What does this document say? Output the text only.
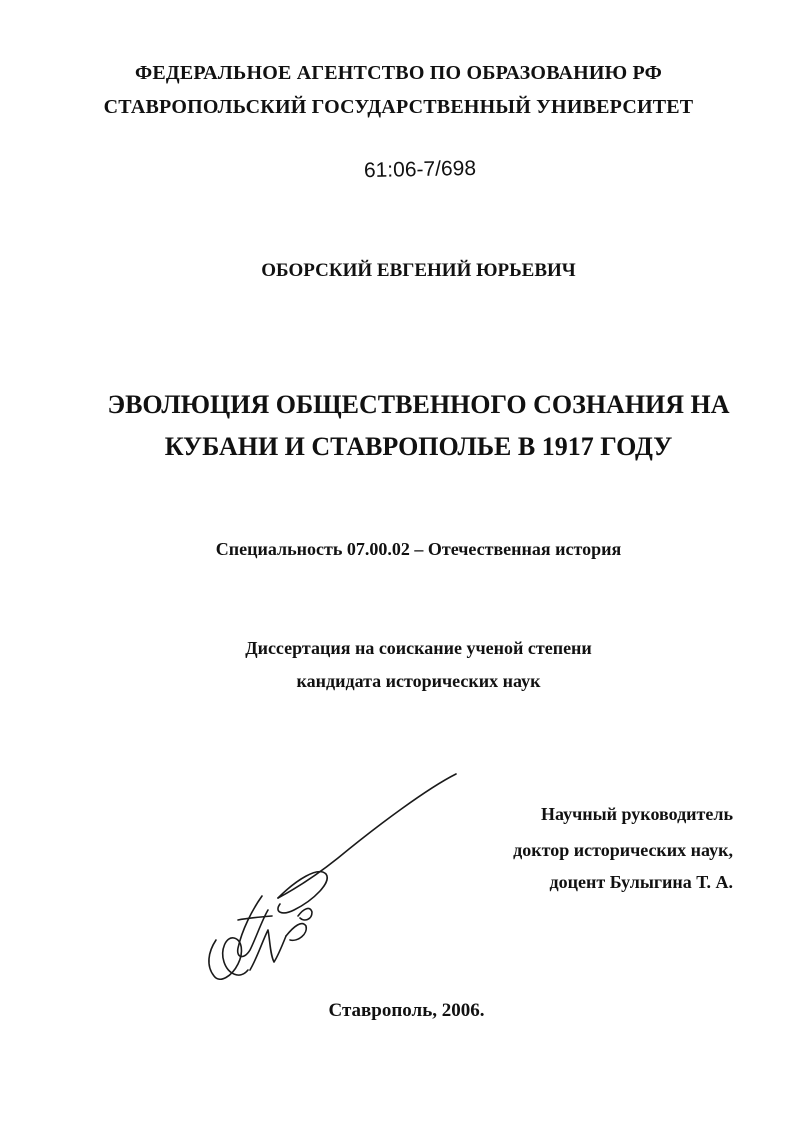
ФЕДЕРАЛЬНОЕ АГЕНТСТВО ПО ОБРАЗОВАНИЮ РФ
СТАВРОПОЛЬСКИЙ ГОСУДАРСТВЕННЫЙ УНИВЕРСИТЕТ
61:06-7/698
ОБОРСКИЙ ЕВГЕНИЙ ЮРЬЕВИЧ
ЭВОЛЮЦИЯ ОБЩЕСТВЕННОГО СОЗНАНИЯ НА
КУБАНИ И СТАВРОПОЛЬЕ В 1917 ГОДУ
Специальность 07.00.02 – Отечественная история
Диссертация на соискание ученой степени
кандидата исторических наук
Научный руководитель
доктор исторических наук,
доцент Булыгина Т. А.
Ставрополь, 2006.
